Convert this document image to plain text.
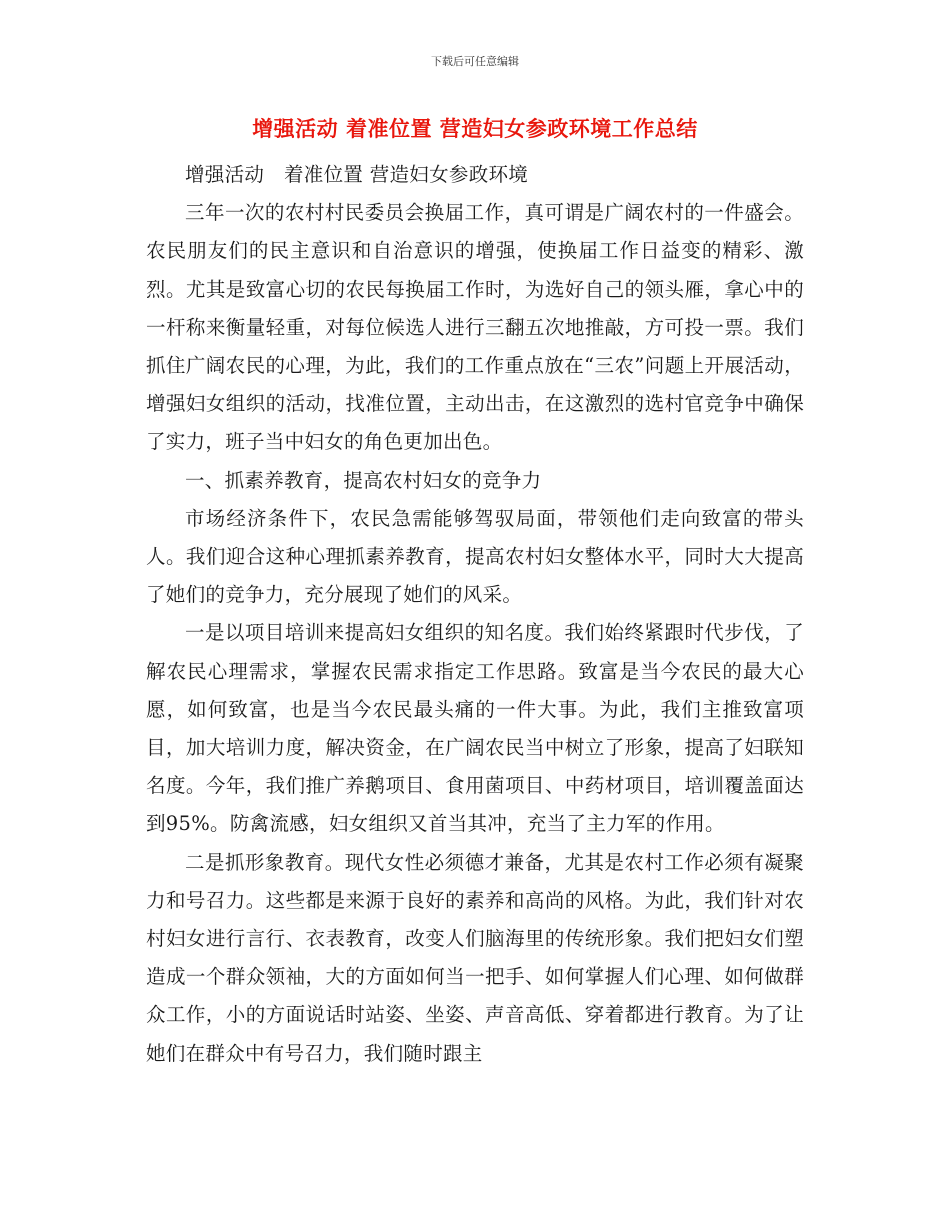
下载后可任意编辑
增强活动 着准位置 营造妇女参政环境工作总结

增强活动　着准位置 营造妇女参政环境

三年一次的农村村民委员会换届工作，真可谓是广阔农村的一件盛会。农民朋友们的民主意识和自治意识的增强，使换届工作日益变的精彩、激烈。尤其是致富心切的农民每换届工作时，为选好自己的领头雁，拿心中的一杆称来衡量轻重，对每位候选人进行三翻五次地推敲，方可投一票。我们抓住广阔农民的心理，为此，我们的工作重点放在“三农”问题上开展活动，增强妇女组织的活动，找准位置，主动出击，在这激烈的选村官竞争中确保了实力，班子当中妇女的角色更加出色。

一、抓素养教育，提高农村妇女的竞争力

市场经济条件下，农民急需能够驾驭局面，带领他们走向致富的带头人。我们迎合这种心理抓素养教育，提高农村妇女整体水平，同时大大提高了她们的竞争力，充分展现了她们的风采。

一是以项目培训来提高妇女组织的知名度。我们始终紧跟时代步伐，了解农民心理需求，掌握农民需求指定工作思路。致富是当今农民的最大心愿，如何致富，也是当今农民最头痛的一件大事。为此，我们主推致富项目，加大培训力度，解决资金，在广阔农民当中树立了形象，提高了妇联知名度。今年，我们推广养鹅项目、食用菌项目、中药材项目，培训覆盖面达到95%。防禽流感，妇女组织又首当其冲，充当了主力军的作用。

二是抓形象教育。现代女性必须德才兼备，尤其是农村工作必须有凝聚力和号召力。这些都是来源于良好的素养和高尚的风格。为此，我们针对农村妇女进行言行、衣表教育，改变人们脑海里的传统形象。我们把妇女们塑造成一个群众领袖，大的方面如何当一把手、如何掌握人们心理、如何做群众工作，小的方面说话时站姿、坐姿、声音高低、穿着都进行教育。为了让她们在群众中有号召力，我们随时跟主
